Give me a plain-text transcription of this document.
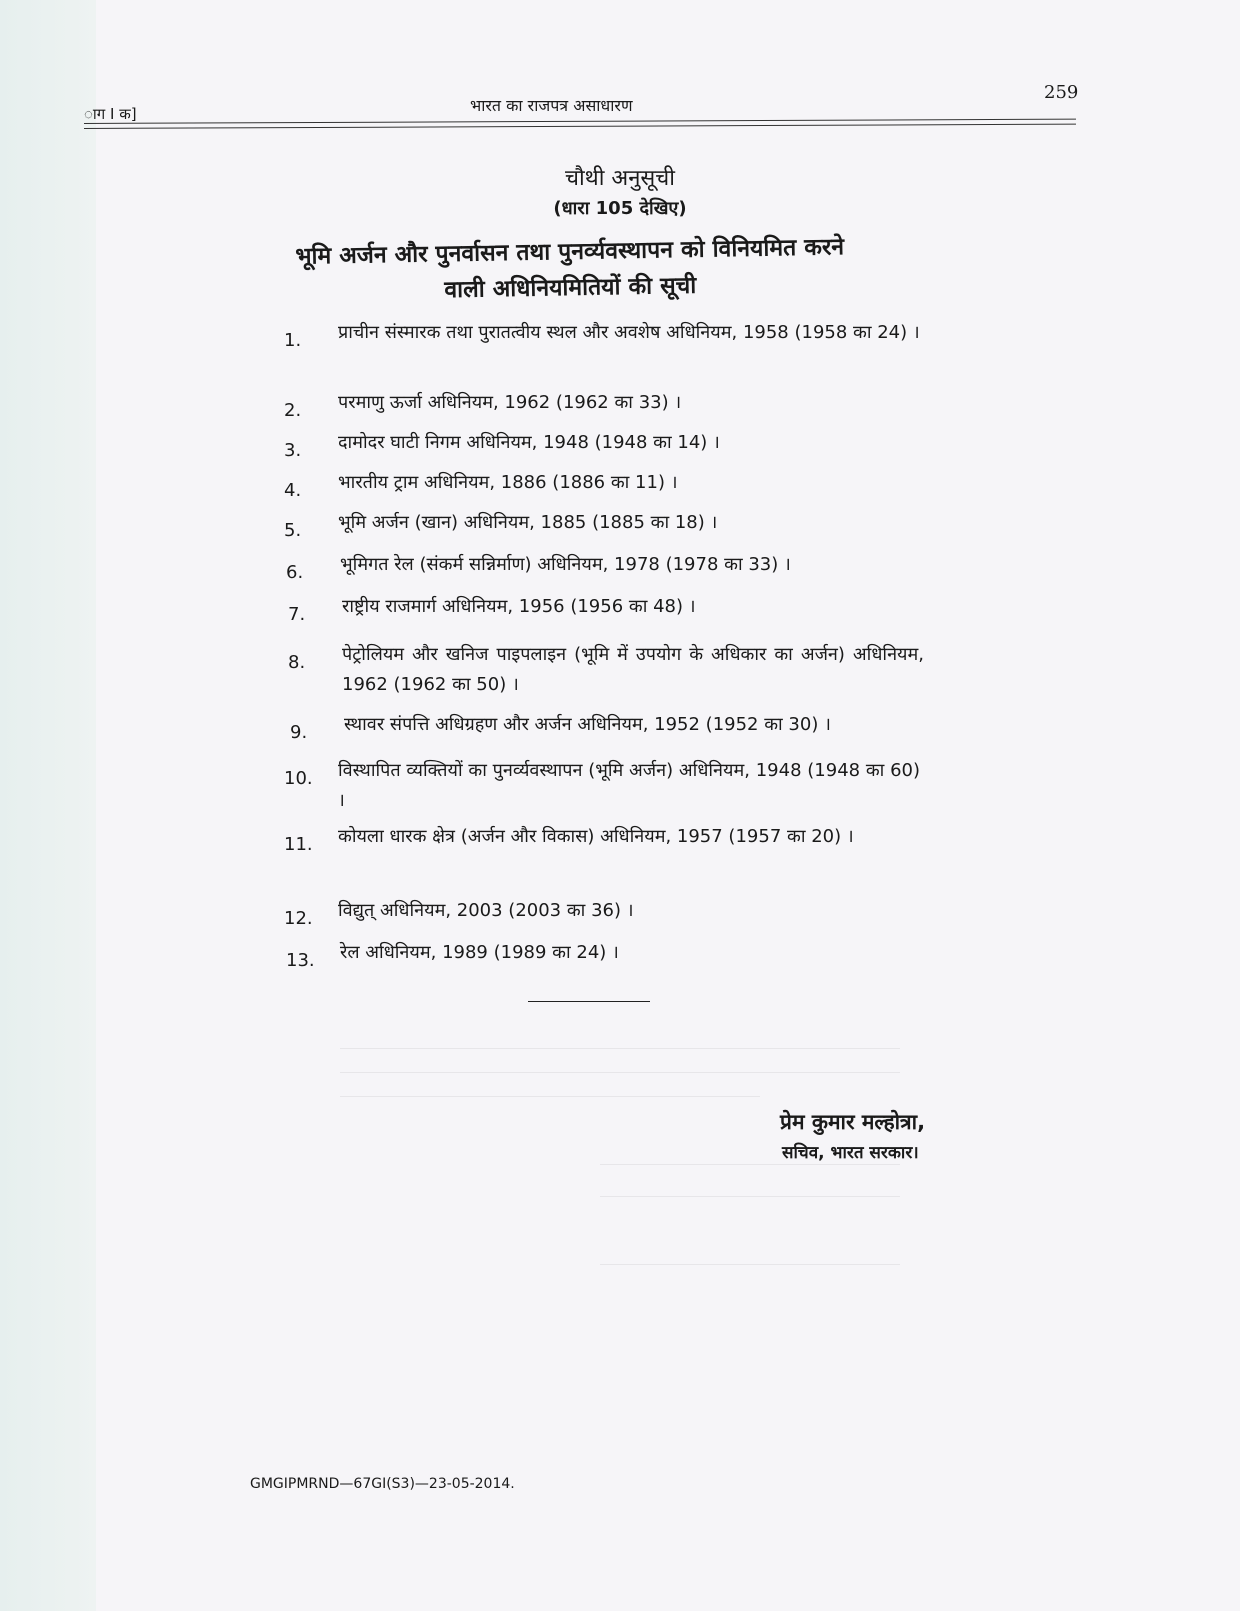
ाग I क]	भारत का राजपत्र असाधारण
259
चौथी अनुसूची
(धारा 105 देखिए)
भूमि अर्जन और पुनर्वासन तथा पुनर्व्यवस्थापन को विनियमित करने
वाली अधिनियमितियों की सूची
1.	प्राचीन संस्मारक तथा पुरातत्वीय स्थल और अवशेष अधिनियम, 1958 (1958 का 24) ।
2.	परमाणु ऊर्जा अधिनियम, 1962 (1962 का 33) ।
3.	दामोदर घाटी निगम अधिनियम, 1948 (1948 का 14) ।
4.	भारतीय ट्राम अधिनियम, 1886 (1886 का 11) ।
5.	भूमि अर्जन (खान) अधिनियम, 1885 (1885 का 18) ।
6.	भूमिगत रेल (संकर्म सन्निर्माण) अधिनियम, 1978 (1978 का 33) ।
7.	राष्ट्रीय राजमार्ग अधिनियम, 1956 (1956 का 48) ।
8.	पेट्रोलियम और खनिज पाइपलाइन (भूमि में उपयोग के अधिकार का अर्जन) अधिनियम, 1962 (1962 का 50) ।
9.	स्थावर संपत्ति अधिग्रहण और अर्जन अधिनियम, 1952 (1952 का 30) ।
10.	विस्थापित व्यक्तियों का पुनर्व्यवस्थापन (भूमि अर्जन) अधिनियम, 1948 (1948 का 60) ।
11.	कोयला धारक क्षेत्र (अर्जन और विकास) अधिनियम, 1957 (1957 का 20) ।
12.	विद्युत् अधिनियम, 2003 (2003 का 36) ।
13.	रेल अधिनियम, 1989 (1989 का 24) ।
प्रेम कुमार मल्होत्रा,
सचिव, भारत सरकार।
GMGIPMRND—67GI(S3)—23-05-2014.
